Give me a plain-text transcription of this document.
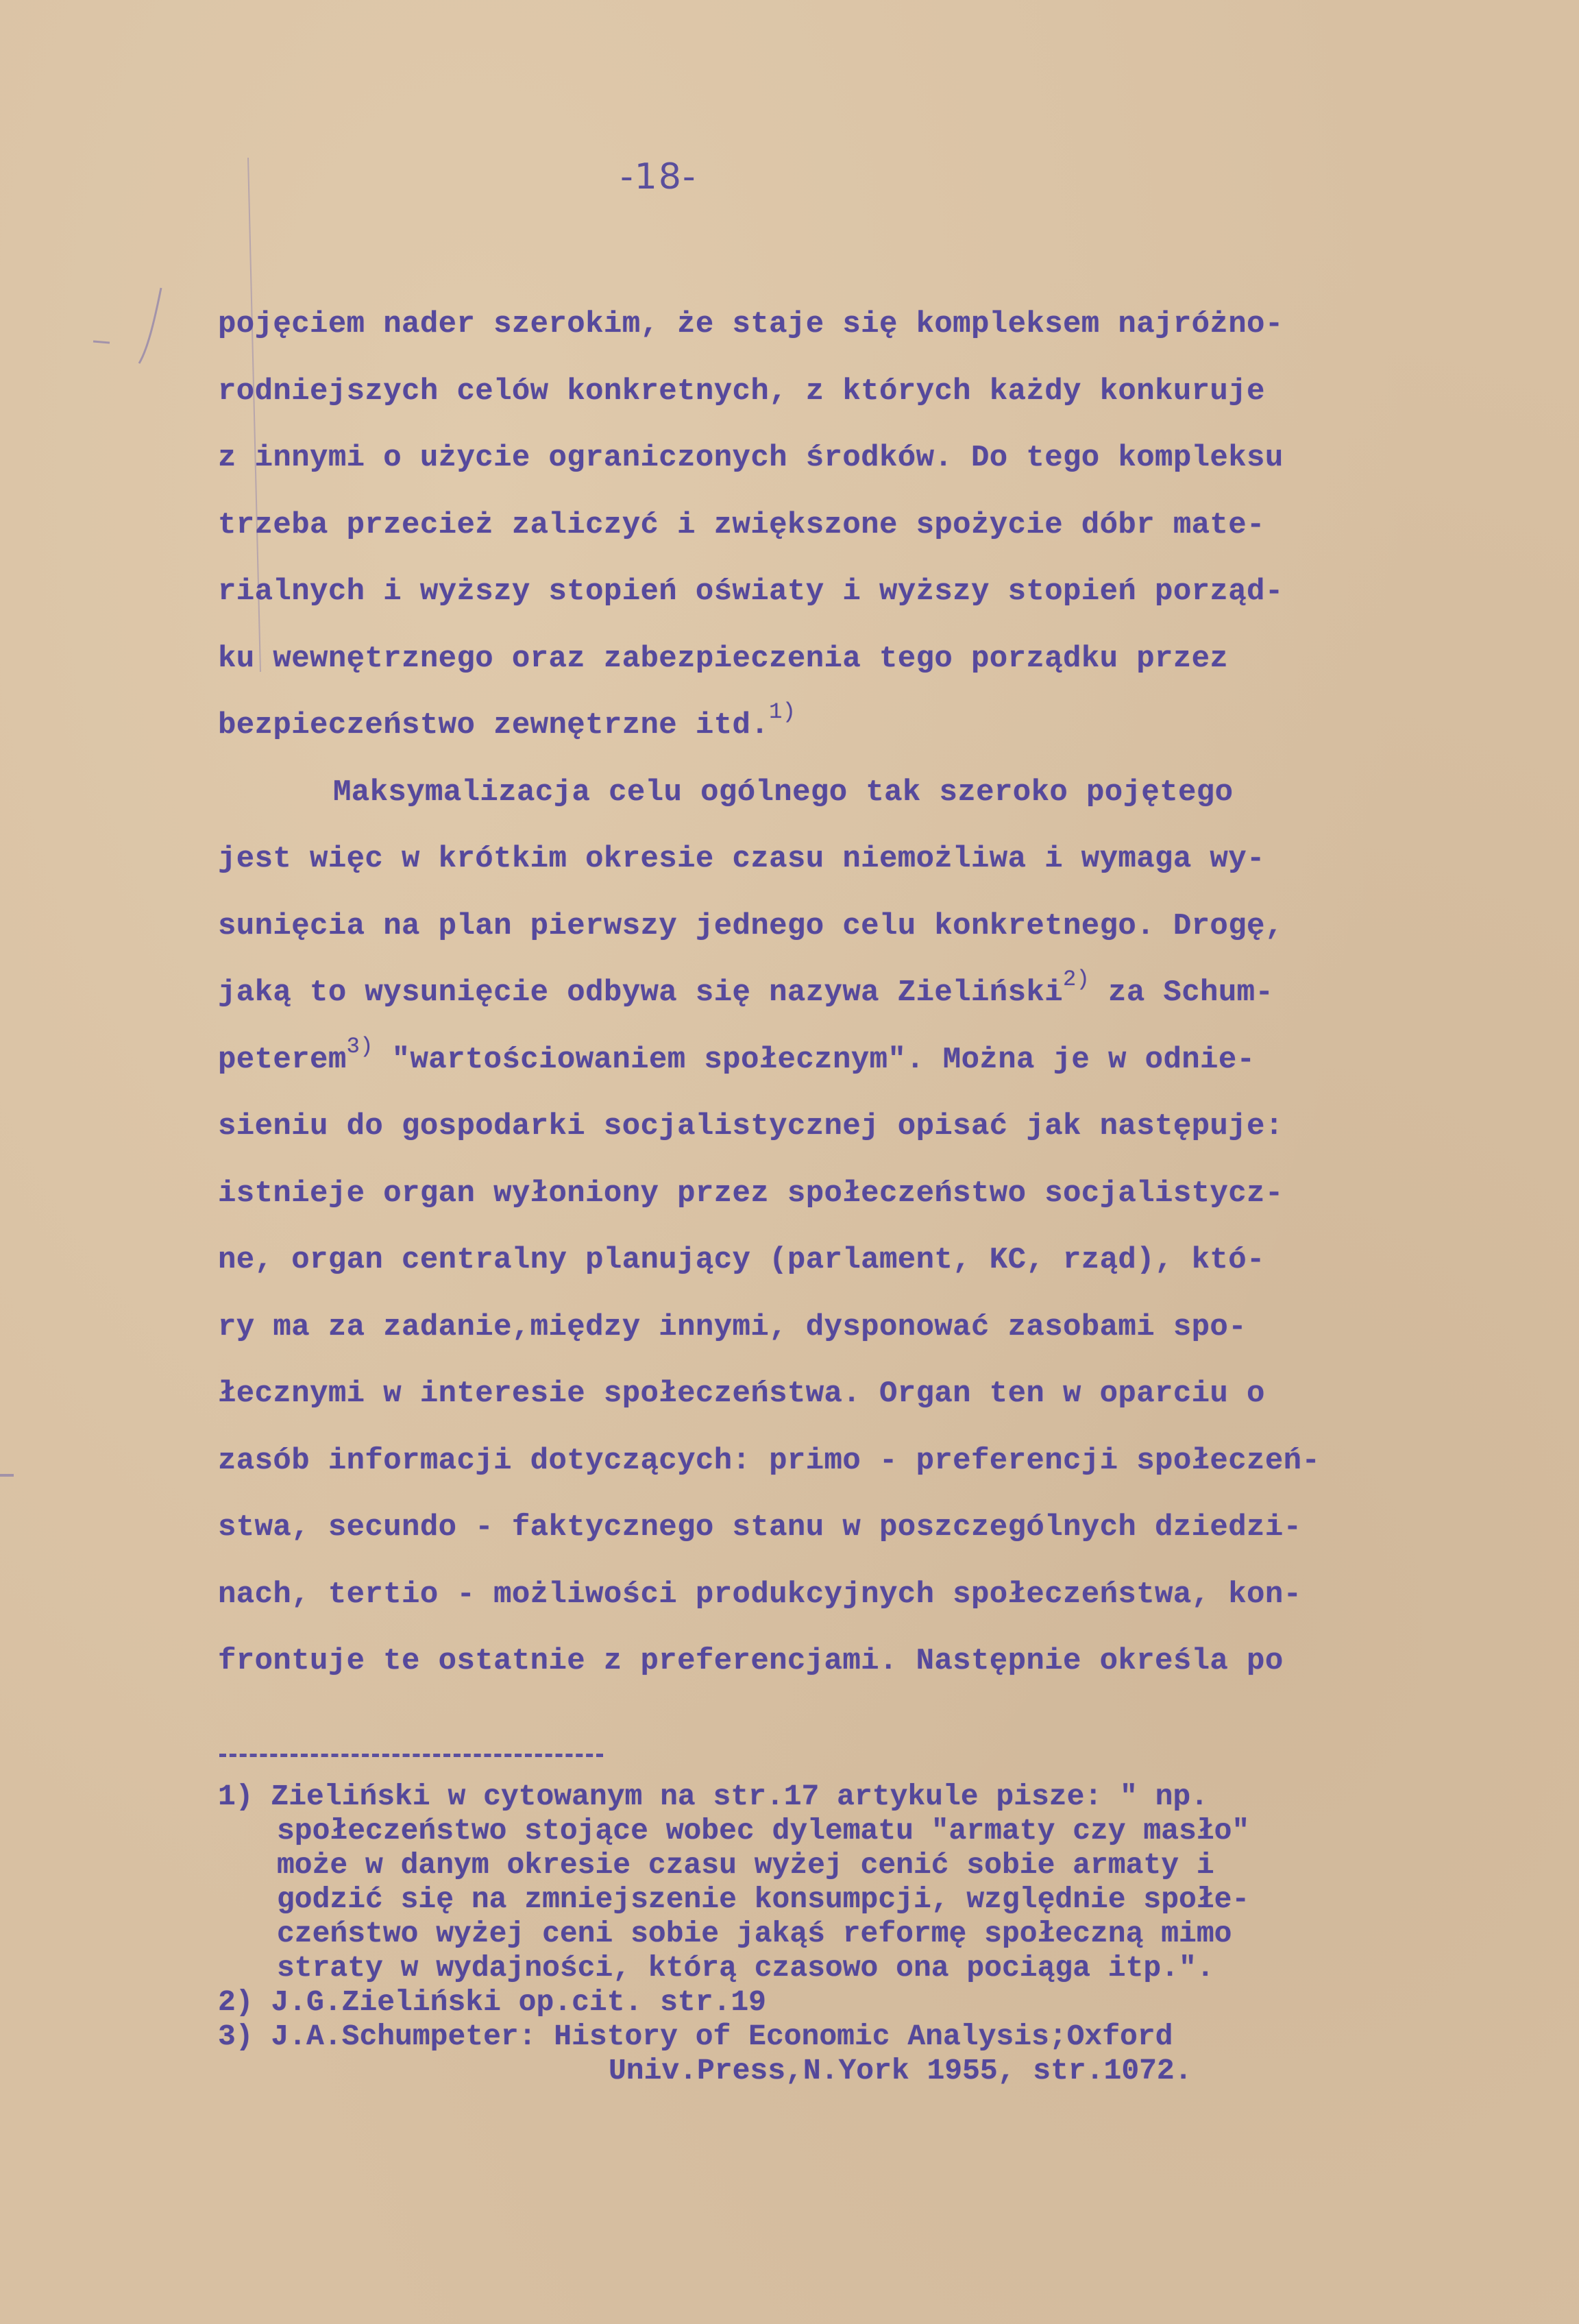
-18-
pojęciem nader szerokim, że staje się kompleksem najróżno-
rodniejszych celów konkretnych, z których każdy konkuruje
z innymi o użycie ograniczonych środków. Do tego kompleksu
trzeba przecież zaliczyć i zwiększone spożycie dóbr mate-
rialnych i wyższy stopień oświaty i wyższy stopień porząd-
ku wewnętrznego oraz zabezpieczenia tego porządku przez
bezpieczeństwo zewnętrzne itd.$^{1)}$
Maksymalizacja celu ogólnego tak szeroko pojętego
jest więc w krótkim okresie czasu niemożliwa i wymaga wy-
sunięcia na plan pierwszy jednego celu konkretnego. Drogę,
jaką to wysunięcie odbywa się nazywa Zieliński$^{2)}$ za Schum-
peterem$^{3)}$ "wartościowaniem społecznym". Można je w odnie-
sieniu do gospodarki socjalistycznej opisać jak następuje:
istnieje organ wyłoniony przez społeczeństwo socjalistycz-
ne, organ centralny planujący (parlament, KC, rząd), któ-
ry ma za zadanie,między innymi, dysponować zasobami spo-
łecznymi w interesie społeczeństwa. Organ ten w oparciu o
zasób informacji dotyczących: primo - preferencji społeczeń-
stwa, secundo - faktycznego stanu w poszczególnych dziedzi-
nach, tertio - możliwości produkcyjnych społeczeństwa, kon-
frontuje te ostatnie z preferencjami. Następnie określa po
1) Zieliński w cytowanym na str.17 artykule pisze: " np.
społeczeństwo stojące wobec dylematu "armaty czy masło"
może w danym okresie czasu wyżej cenić sobie armaty i
godzić się na zmniejszenie konsumpcji, względnie społe-
czeństwo wyżej ceni sobie jakąś reformę społeczną mimo
straty w wydajności, którą czasowo ona pociąga itp.".
2) J.G.Zieliński op.cit. str.19
3) J.A.Schumpeter: History of Economic Analysis;Oxford
Univ.Press,N.York 1955, str.1072.
